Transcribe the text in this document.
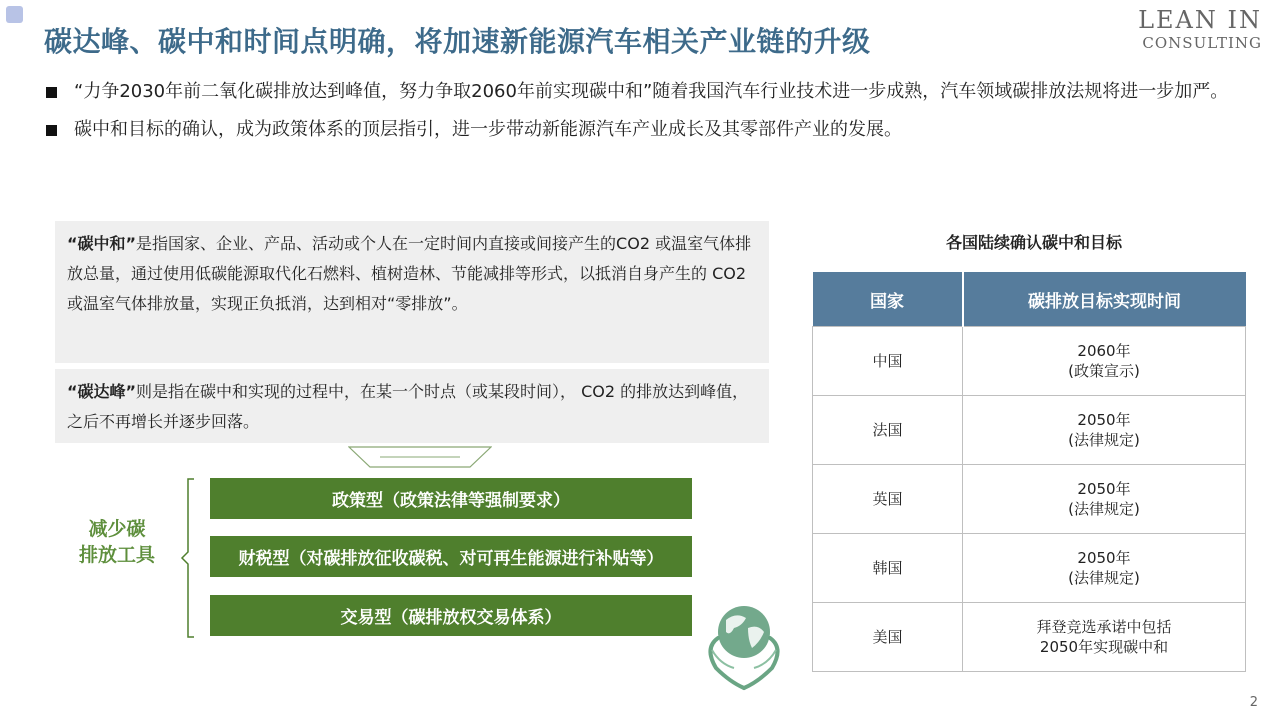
碳达峰、碳中和时间点明确，将加速新能源汽车相关产业链的升级
LEAN IN
CONSULTING
“力争2030年前二氧化碳排放达到峰值，努力争取2060年前实现碳中和”随着我国汽车行业技术进一步成熟，汽车领域碳排放法规将进一步加严。
碳中和目标的确认，成为政策体系的顶层指引，进一步带动新能源汽车产业成长及其零部件产业的发展。
“碳中和”是指国家、企业、产品、活动或个人在一定时间内直接或间接产生的CO2 或温室气体排放总量，通过使用低碳能源取代化石燃料、植树造林、节能减排等形式，以抵消自身产生的 CO2 或温室气体排放量，实现正负抵消，达到相对“零排放”。
“碳达峰”则是指在碳中和实现的过程中，在某一个时点（或某段时间）， CO2 的排放达到峰值，之后不再增长并逐步回落。
减少碳
排放工具
政策型（政策法律等强制要求）
财税型（对碳排放征收碳税、对可再生能源进行补贴等）
交易型（碳排放权交易体系）
各国陆续确认碳中和目标
国家	碳排放目标实现时间
中国	2060年
(政策宣示)

法国	2050年
(法律规定)

英国	2050年
(法律规定)

韩国	2050年
(法律规定)

美国	拜登竞选承诺中包括
2050年实现碳中和
2
